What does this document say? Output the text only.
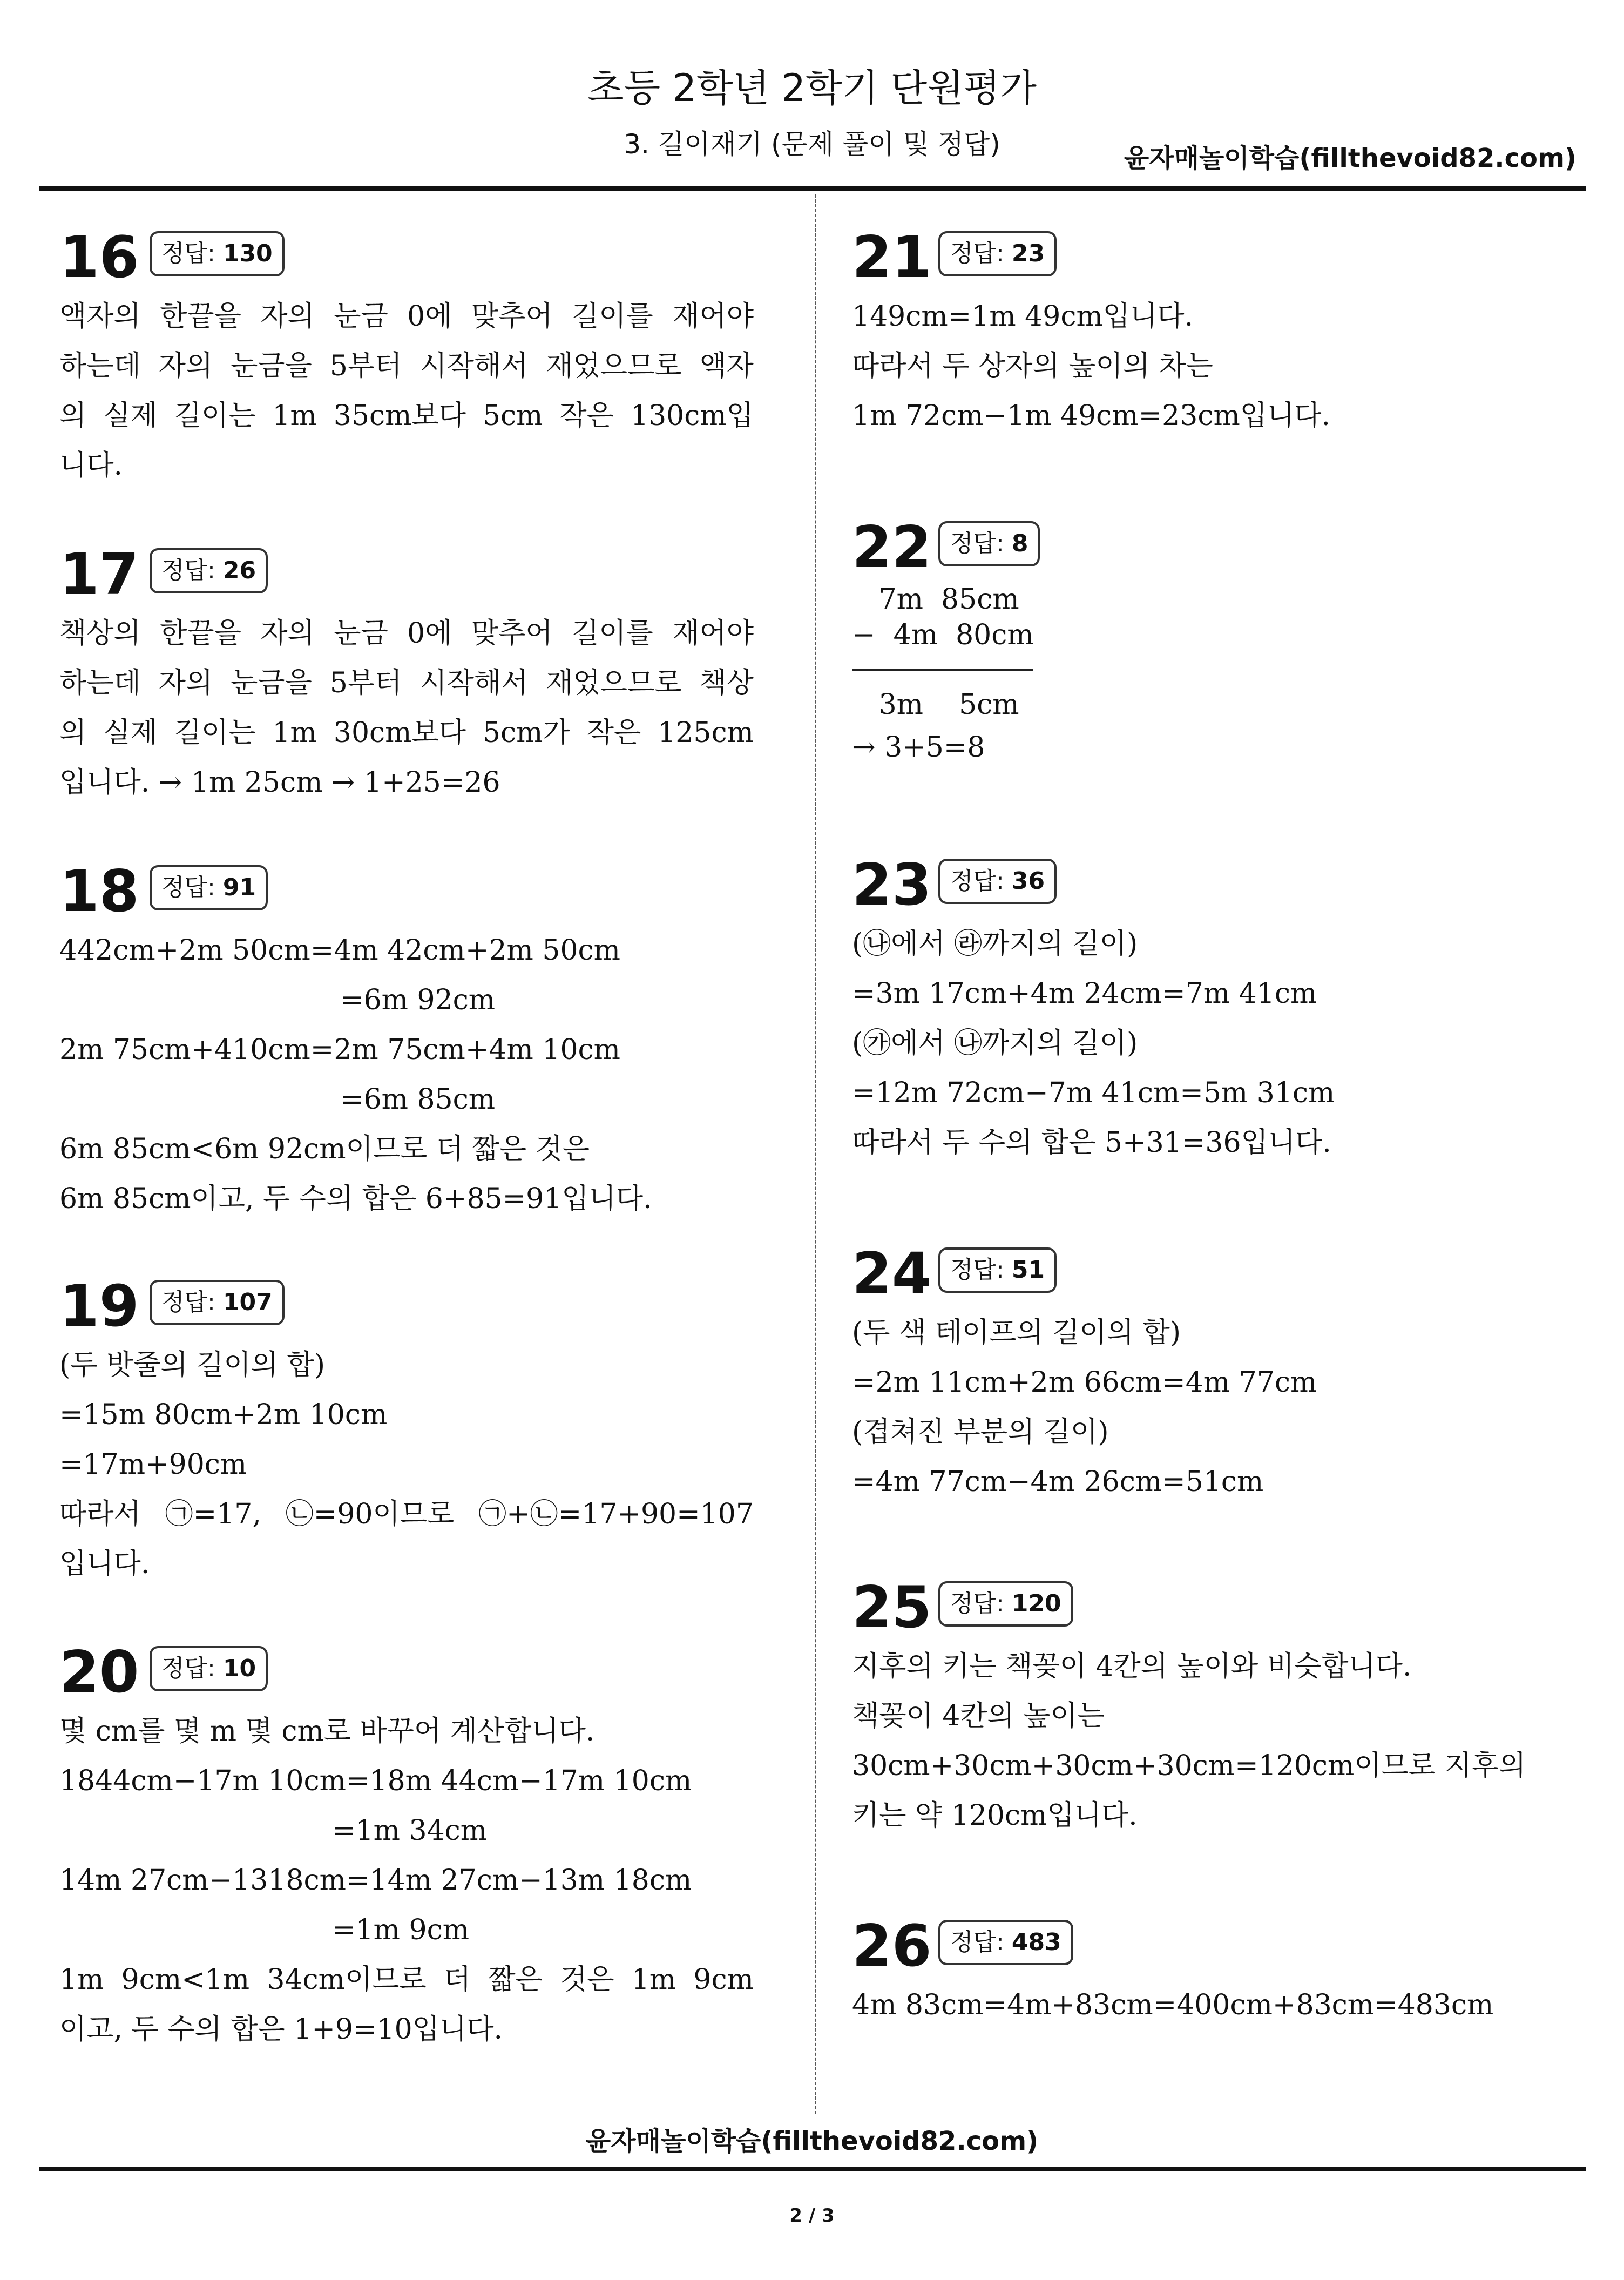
초등 2학년 2학기 단원평가
3. 길이재기 (문제 풀이 및 정답)	윤자매놀이학습(fillthevoid82.com)
16 정답: 130
액자의 한끝을 자의 눈금 0에 맞추어 길이를 재어야
하는데 자의 눈금을 5부터 시작해서 재었으므로 액자
의 실제 길이는 1m 35cm보다 5cm 작은 130cm입
니다.
17 정답: 26
책상의 한끝을 자의 눈금 0에 맞추어 길이를 재어야
하는데 자의 눈금을 5부터 시작해서 재었으므로 책상
의 실제 길이는 1m 30cm보다 5cm가 작은 125cm
입니다. → 1m 25cm → 1+25=26
18 정답: 91
442cm+2m 50cm=4m 42cm+2m 50cm
=6m 92cm
2m 75cm+410cm=2m 75cm+4m 10cm
=6m 85cm
6m 85cm<6m 92cm이므로 더 짧은 것은
6m 85cm이고, 두 수의 합은 6+85=91입니다.
19 정답: 107
(두 밧줄의 길이의 합)
=15m 80cm+2m 10cm
=17m+90cm
따라서 ㉠=17, ㉡=90이므로 ㉠+㉡=17+90=107
입니다.
20 정답: 10
몇 cm를 몇 m 몇 cm로 바꾸어 계산합니다.
1844cm−17m 10cm=18m 44cm−17m 10cm
=1m 34cm
14m 27cm−1318cm=14m 27cm−13m 18cm
=1m 9cm
1m 9cm<1m 34cm이므로 더 짧은 것은 1m 9cm
이고, 두 수의 합은 1+9=10입니다.
21 정답: 23
149cm=1m 49cm입니다.
따라서 두 상자의 높이의 차는
1m 72cm−1m 49cm=23cm입니다.
22 정답: 8
7m  85cm
−  4m  80cm
3m    5cm
→ 3+5=8
23 정답: 36
(㉯에서 ㉱까지의 길이)
=3m 17cm+4m 24cm=7m 41cm
(㉮에서 ㉯까지의 길이)
=12m 72cm−7m 41cm=5m 31cm
따라서 두 수의 합은 5+31=36입니다.
24 정답: 51
(두 색 테이프의 길이의 합)
=2m 11cm+2m 66cm=4m 77cm
(겹쳐진 부분의 길이)
=4m 77cm−4m 26cm=51cm
25 정답: 120
지후의 키는 책꽂이 4칸의 높이와 비슷합니다.
책꽂이 4칸의 높이는
30cm+30cm+30cm+30cm=120cm이므로 지후의
키는 약 120cm입니다.
26 정답: 483
4m 83cm=4m+83cm=400cm+83cm=483cm
윤자매놀이학습(fillthevoid82.com)
2 / 3
